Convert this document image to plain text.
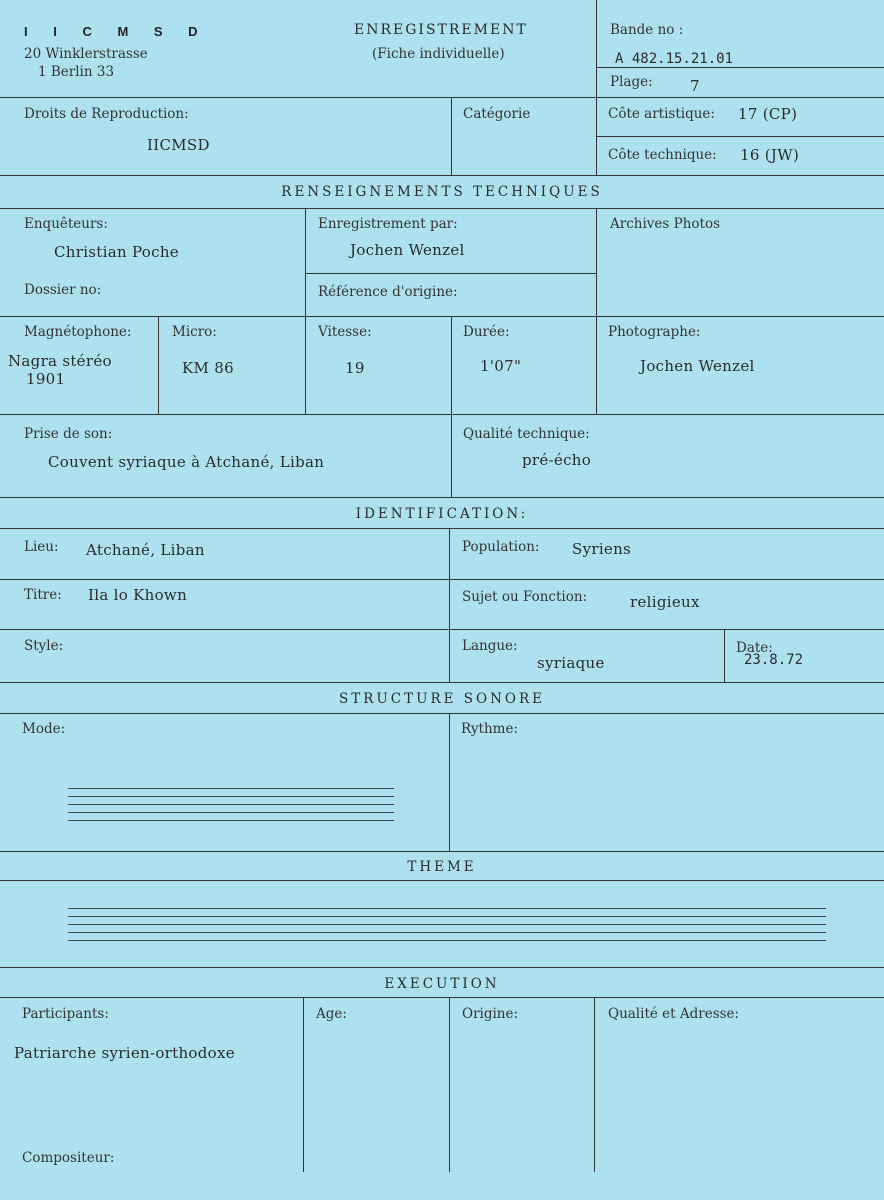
I I C M S D
20 Winklerstrasse
1 Berlin 33
ENREGISTREMENT
(Fiche individuelle)
Bande no :
A 482.15.21.01
Plage: 7
Droits de Reproduction:
IICMSD
Catégorie	Côte artistique: 17 (CP)
Côte technique: 16 (JW)
RENSEIGNEMENTS TECHNIQUES
Enquêteurs:
Christian Poche
Enregistrement par:
Jochen Wenzel
Archives Photos
Dossier no:	Référence d'origine:
Magnétophone:
Nagra stéréo
1901
Micro:
KM 86
Vitesse:
19
Durée:
1'07"
Photographe:
Jochen Wenzel
Prise de son:
Couvent syriaque à Atchané, Liban
Qualité technique:
pré-écho
IDENTIFICATION:
Lieu: Atchané, Liban	Population: Syriens
Titre: Ila lo Khown	Sujet ou Fonction:	religieux
Style:	Langue:
syriaque
Date:
23.8.72
STRUCTURE SONORE
Mode:	Rythme:
THEME
EXECUTION
Participants:
Patriarche syrien-orthodoxe
Age:	Origine:	Qualité et Adresse:
Compositeur:
